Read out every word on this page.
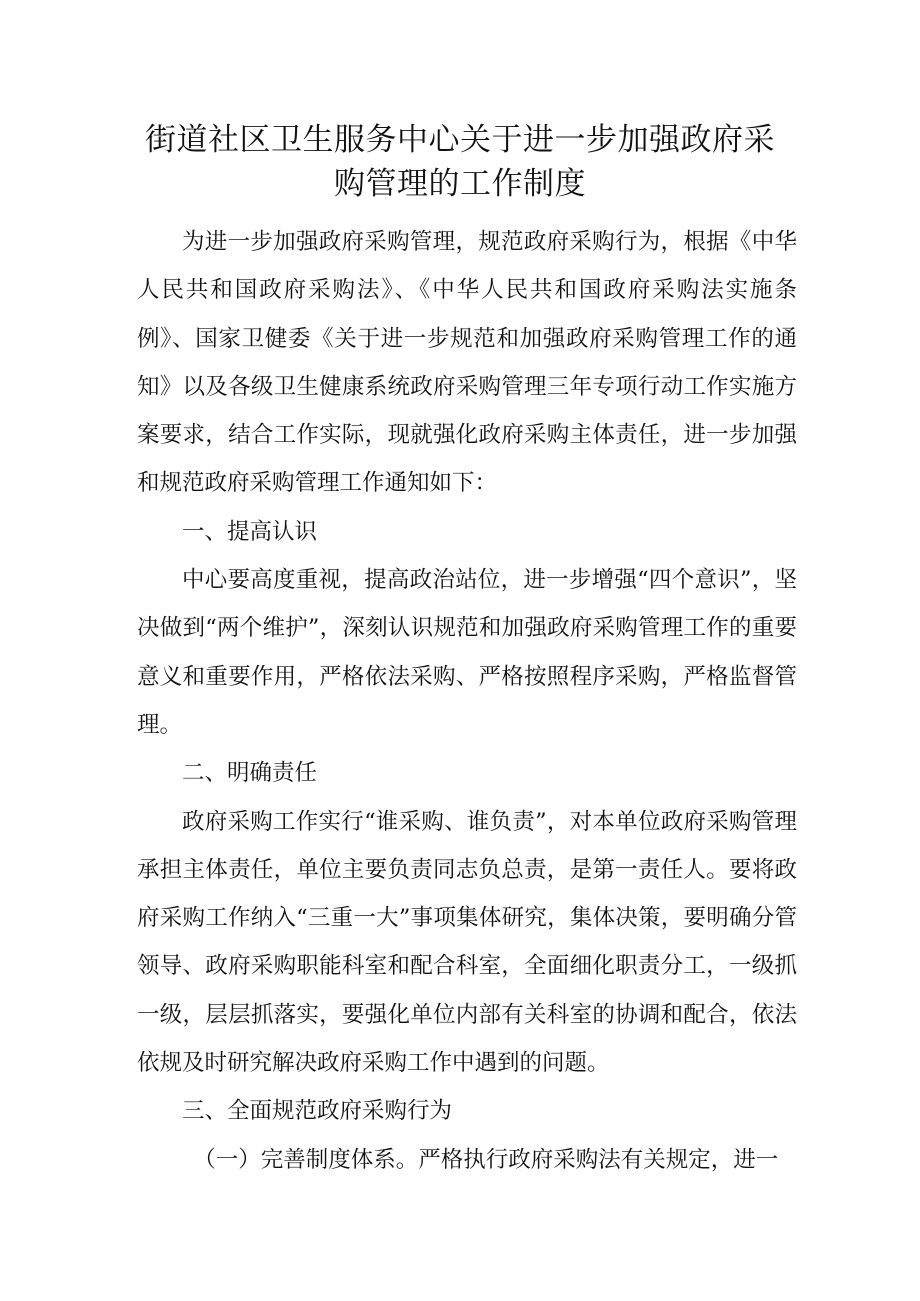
街道社区卫生服务中心关于进一步加强政府采
购管理的工作制度

为进一步加强政府采购管理，规范政府采购行为，根据《中华人民共和国政府采购法》、《中华人民共和国政府采购法实施条例》、国家卫健委《关于进一步规范和加强政府采购管理工作的通知》以及各级卫生健康系统政府采购管理三年专项行动工作实施方案要求，结合工作实际，现就强化政府采购主体责任，进一步加强和规范政府采购管理工作通知如下：

一、提高认识

中心要高度重视，提高政治站位，进一步增强“四个意识”，坚决做到“两个维护”，深刻认识规范和加强政府采购管理工作的重要意义和重要作用，严格依法采购、严格按照程序采购，严格监督管理。

二、明确责任

政府采购工作实行“谁采购、谁负责”，对本单位政府采购管理承担主体责任，单位主要负责同志负总责，是第一责任人。要将政府采购工作纳入“三重一大”事项集体研究，集体决策，要明确分管领导、政府采购职能科室和配合科室，全面细化职责分工，一级抓一级，层层抓落实，要强化单位内部有关科室的协调和配合，依法依规及时研究解决政府采购工作中遇到的问题。

三、全面规范政府采购行为

（一）完善制度体系。严格执行政府采购法有关规定，进一
